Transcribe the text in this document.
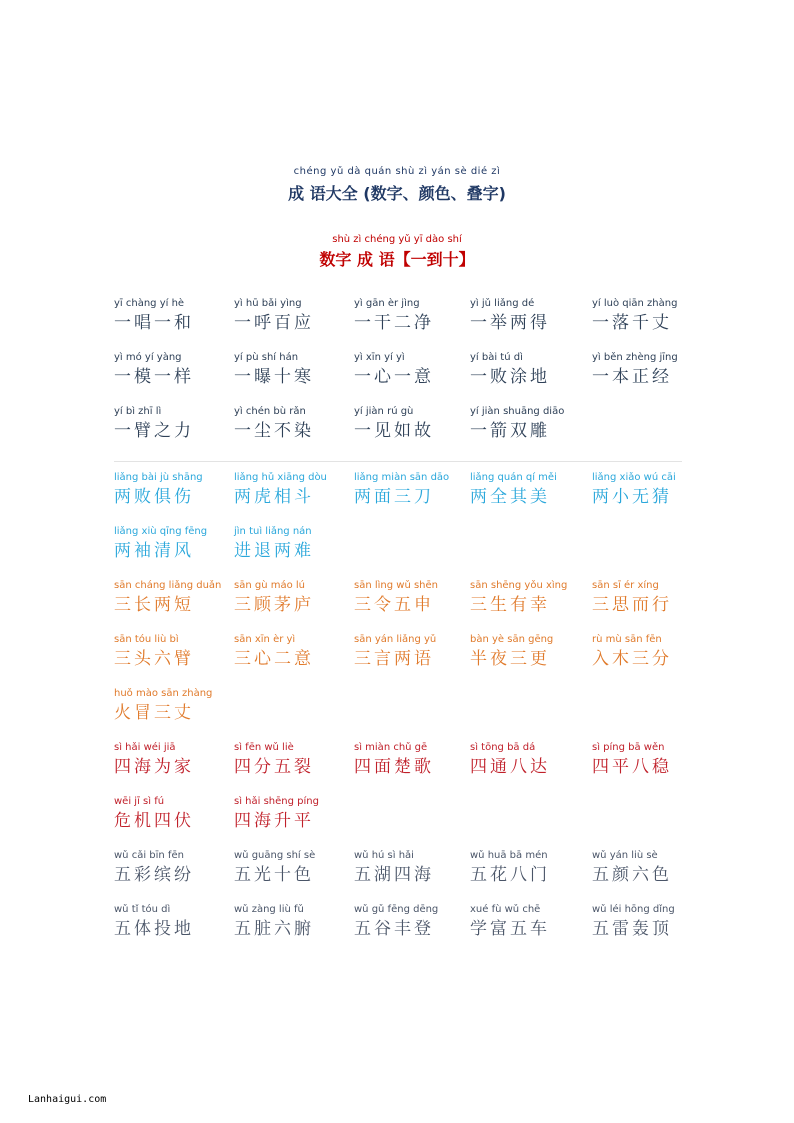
chéng yǔ dà quán shù zì yán sè dié zì
成 语大全 (数字、颜色、叠字)
shù zì chéng yǔ yī dào shí
数字 成 语【一到十】
yī chàng yí hè
一唱一和
yì hū bǎi yìng
一呼百应
yì gān èr jìng
一干二净
yì jǔ liǎng dé
一举两得
yí luò qiān zhàng
一落千丈
yì mó yí yàng
一模一样
yí pù shí hán
一曝十寒
yì xīn yí yì
一心一意
yí bài tú dì
一败涂地
yì běn zhèng jīng
一本正经
yí bì zhī lì
一臂之力
yì chén bù rǎn
一尘不染
yí jiàn rú gù
一见如故
yí jiàn shuāng diāo
一箭双雕
liǎng bài jù shāng
两败俱伤
liǎng hǔ xiāng dòu
两虎相斗
liǎng miàn sān dāo
两面三刀
liǎng quán qí měi
两全其美
liǎng xiǎo wú cāi
两小无猜
liǎng xiù qīng fēng
两袖清风
jìn tuì liǎng nán
进退两难
sān cháng liǎng duǎn
三长两短
sān gù máo lú
三顾茅庐
sān lìng wǔ shēn
三令五申
sān shēng yǒu xìng
三生有幸
sān sī ér xíng
三思而行
sān tóu liù bì
三头六臂
sān xīn èr yì
三心二意
sān yán liǎng yǔ
三言两语
bàn yè sān gēng
半夜三更
rù mù sān fēn
入木三分
huǒ mào sān zhàng
火冒三丈
sì hǎi wéi jiā
四海为家
sì fēn wǔ liè
四分五裂
sì miàn chǔ gē
四面楚歌
sì tōng bā dá
四通八达
sì píng bā wěn
四平八稳
wēi jī sì fú
危机四伏
sì hǎi shēng píng
四海升平
wǔ cǎi bīn fēn
五彩缤纷
wǔ guāng shí sè
五光十色
wǔ hú sì hǎi
五湖四海
wǔ huā bā mén
五花八门
wǔ yán liù sè
五颜六色
wǔ tǐ tóu dì
五体投地
wǔ zàng liù fǔ
五脏六腑
wǔ gǔ fēng dēng
五谷丰登
xué fù wǔ chē
学富五车
wǔ léi hōng dǐng
五雷轰顶
Lanhaigui.com
